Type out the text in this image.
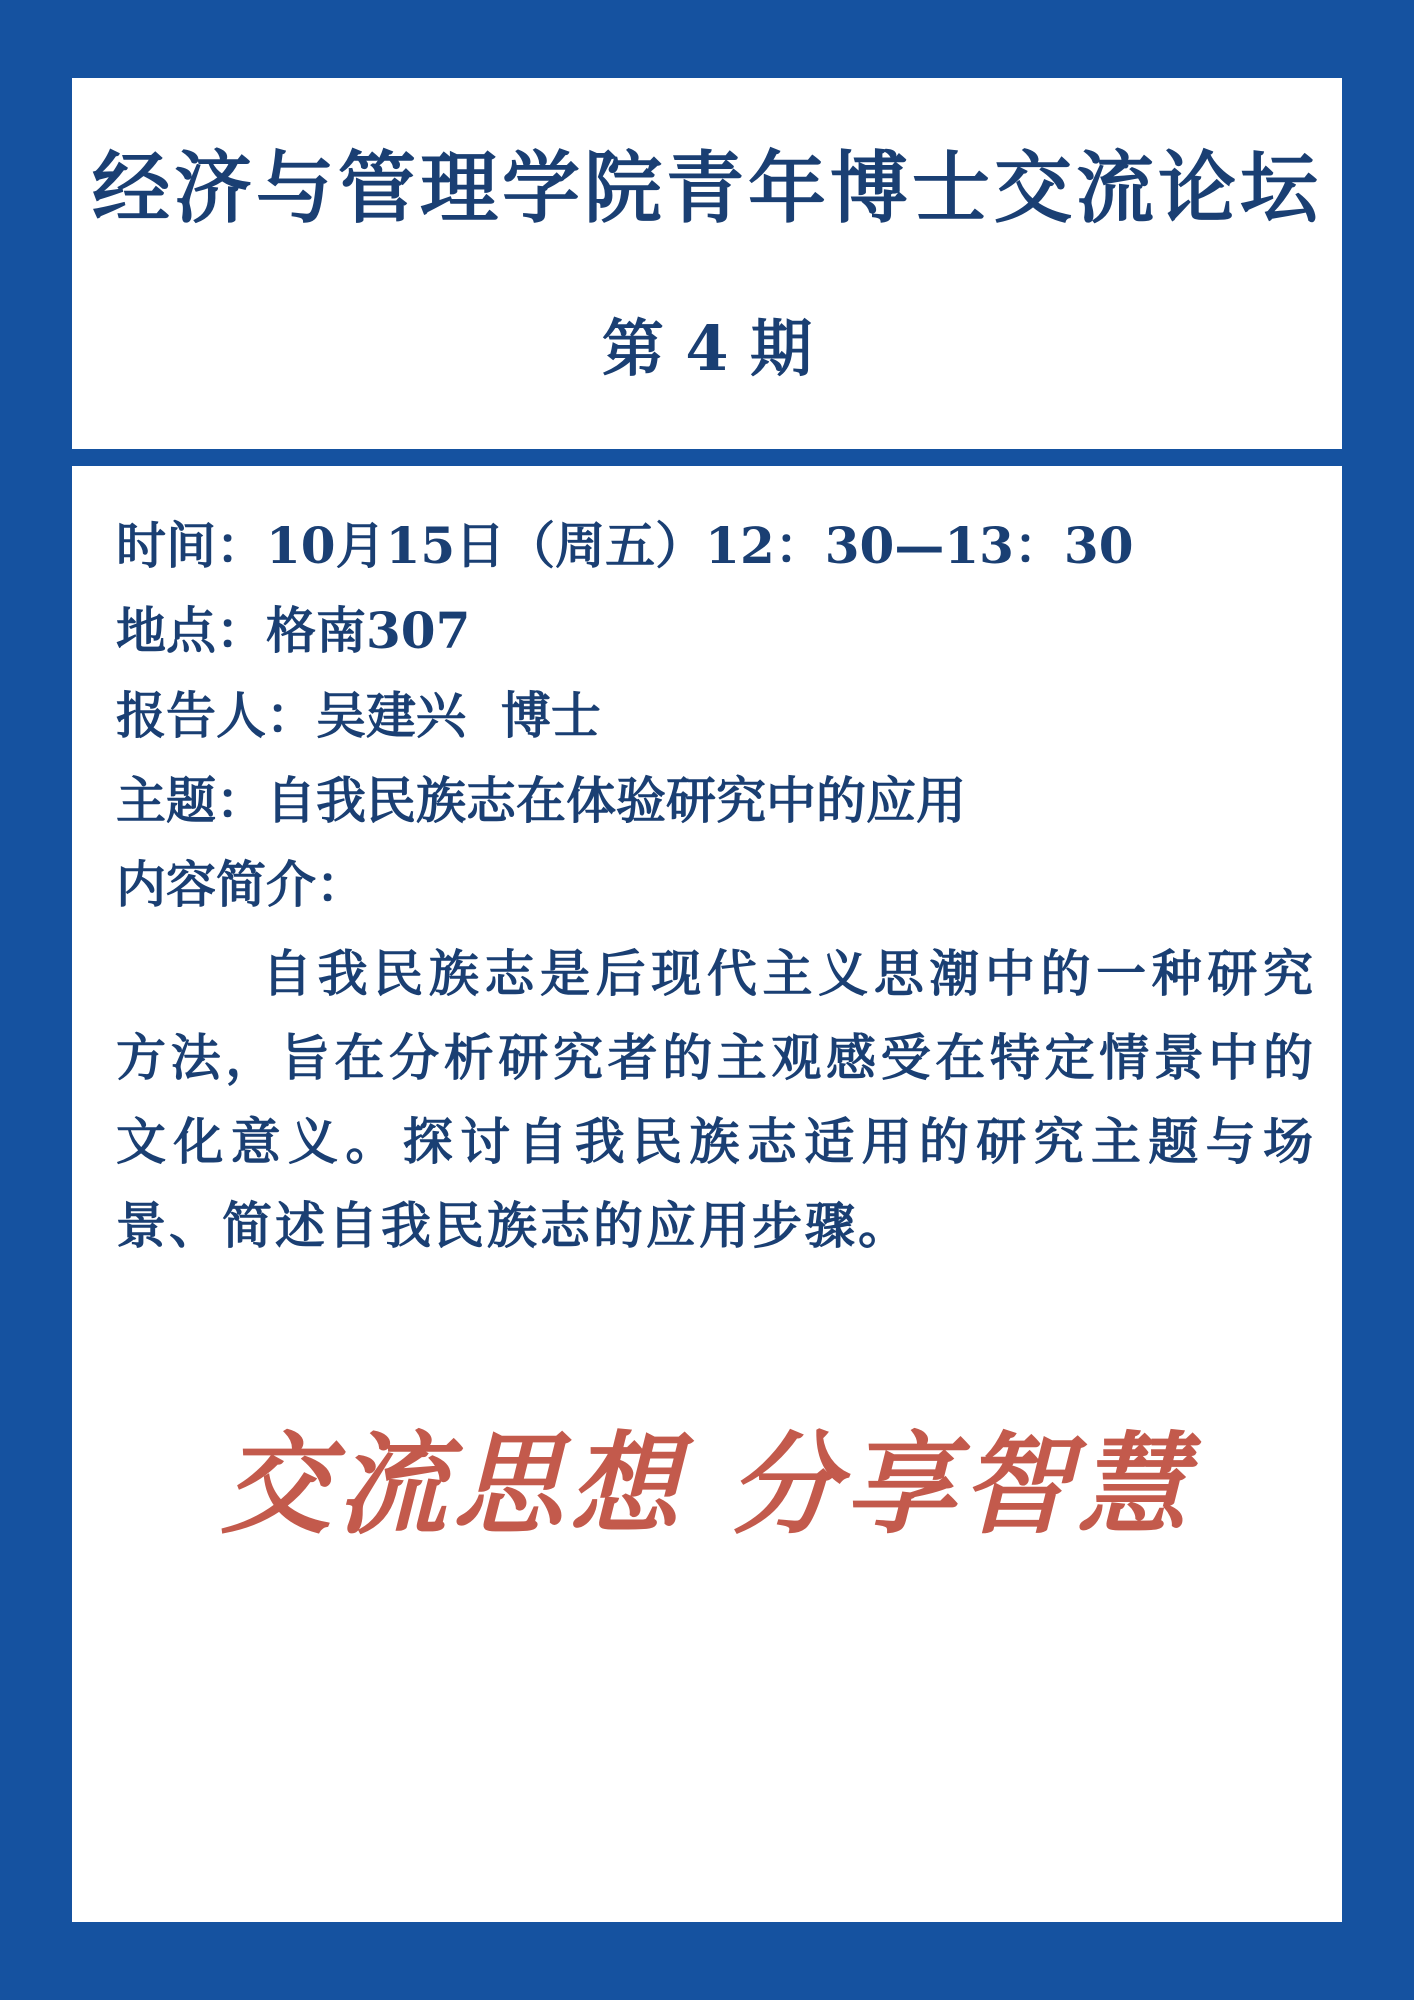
经济与管理学院青年博士交流论坛
第 4 期
时间：10月15日（周五）12：30—13：30
地点：格南307
报告人：吴建兴  博士
主题：自我民族志在体验研究中的应用
内容简介：
自我民族志是后现代主义思潮中的一种研究方法，旨在分析研究者的主观感受在特定情景中的文化意义。探讨自我民族志适用的研究主题与场景、简述自我民族志的应用步骤。
交流思想 分享智慧
